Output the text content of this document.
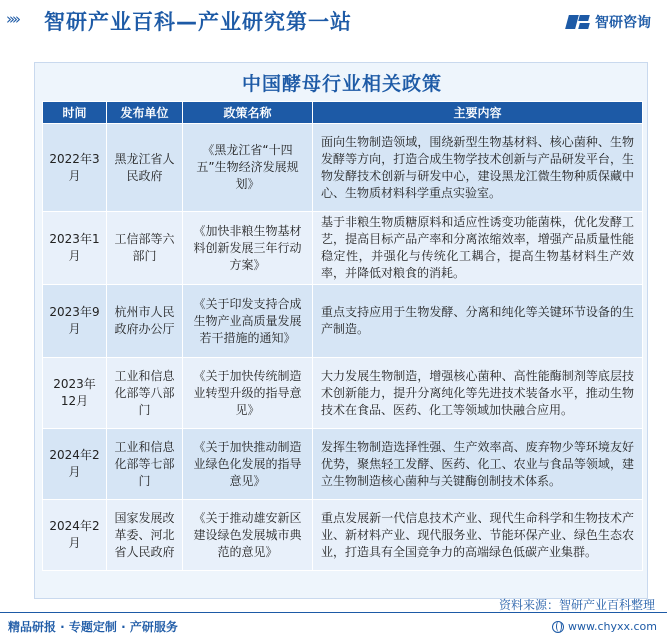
›››› 智研产业百科—产业研究第一站	智研咨询
中国酵母行业相关政策
时间	发布单位	政策名称	主要内容
2022年3月	黑龙江省人民政府	《黑龙江省“十四五”生物经济发展规划》	面向生物制造领域，围绕新型生物基材料、核心菌种、生物发酵等方向，打造合成生物学技术创新与产品研发平台，生物发酵技术创新与研发中心，建设黑龙江微生物种质保藏中心、生物质材料科学重点实验室。
2023年1月	工信部等六部门	《加快非粮生物基材料创新发展三年行动方案》	基于非粮生物质糖原料和适应性诱变功能菌株，优化发酵工艺，提高目标产品产率和分离浓缩效率，增强产品质量性能稳定性，并强化与传统化工耦合，提高生物基材料生产效率，并降低对粮食的消耗。
2023年9月	杭州市人民政府办公厅	《关于印发支持合成生物产业高质量发展若干措施的通知》	重点支持应用于生物发酵、分离和纯化等关键环节设备的生产制造。
2023年12月	工业和信息化部等八部门	《关于加快传统制造业转型升级的指导意见》	大力发展生物制造，增强核心菌种、高性能酶制剂等底层技术创新能力，提升分离纯化等先进技术装备水平，推动生物技术在食品、医药、化工等领域加快融合应用。
2024年2月	工业和信息化部等七部门	《关于加快推动制造业绿色化发展的指导意见》	发挥生物制造选择性强、生产效率高、废弃物少等环境友好优势，聚焦轻工发酵、医药、化工、农业与食品等领域，建立生物制造核心菌种与关键酶创制技术体系。
2024年2月	国家发展改革委、河北省人民政府	《关于推动雄安新区建设绿色发展城市典范的意见》	重点发展新一代信息技术产业、现代生命科学和生物技术产业、新材料产业、现代服务业、节能环保产业、绿色生态农业，打造具有全国竞争力的高端绿色低碳产业集群。
资料来源：智研产业百科整理
精品研报 · 专题定制 · 产研服务	www.chyxx.com
